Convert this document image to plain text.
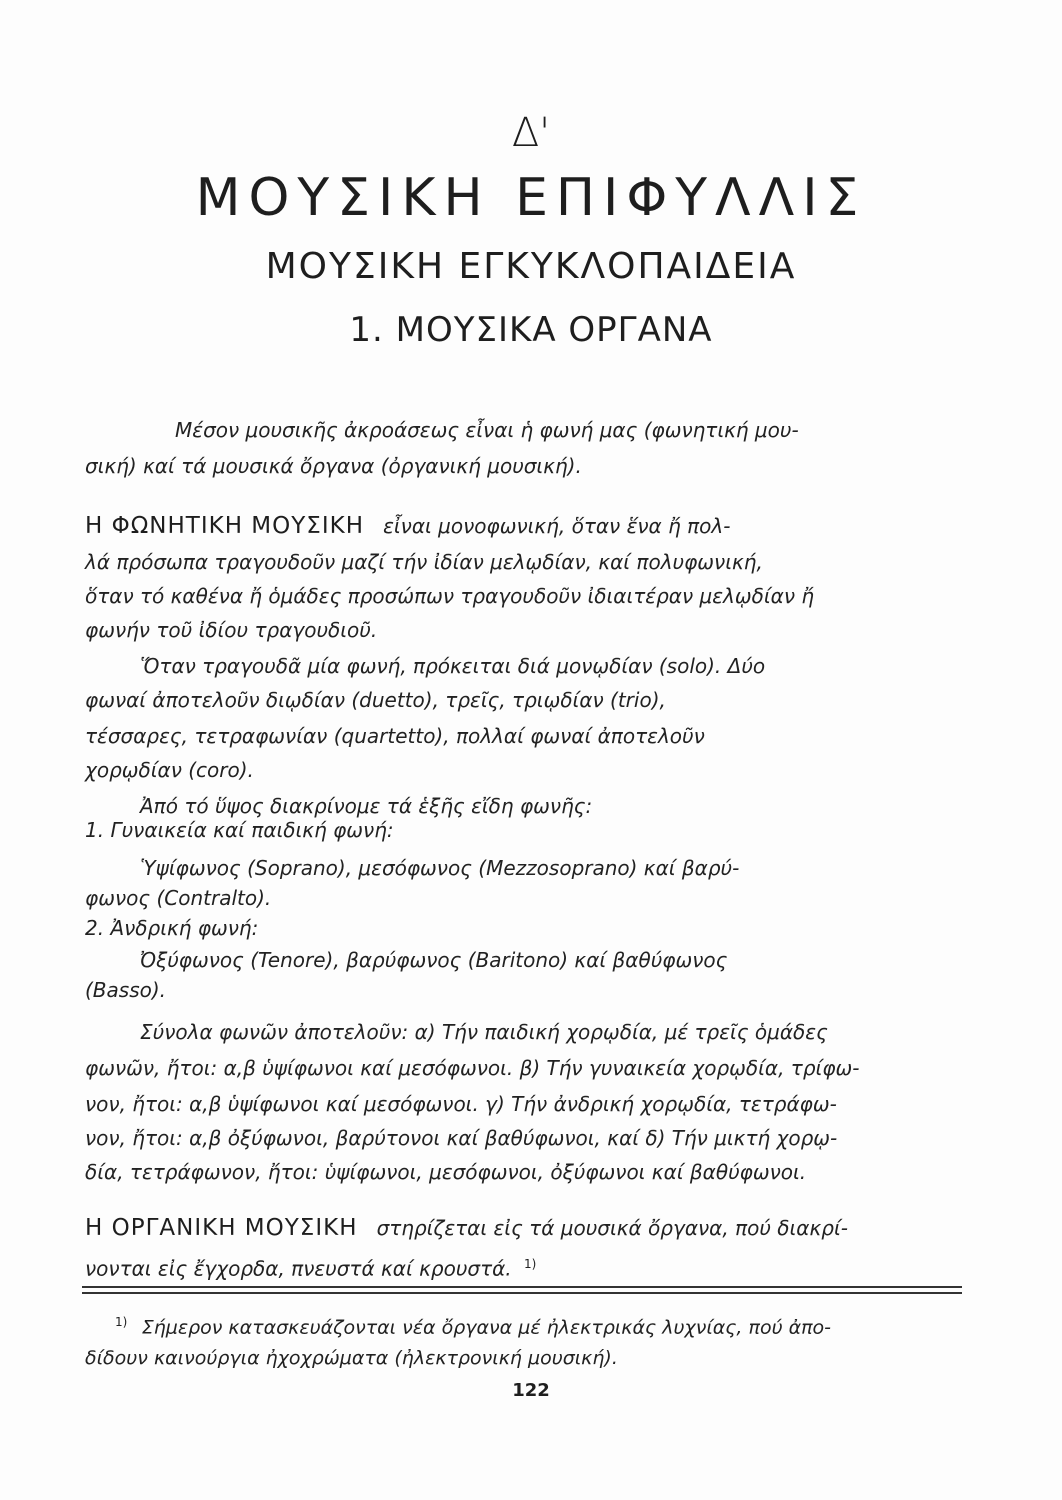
Δ'
ΜΟΥΣΙΚΗ ΕΠΙΦΥΛΛΙΣ
ΜΟΥΣΙΚΗ ΕΓΚΥΚΛΟΠΑΙΔΕΙΑ
1. ΜΟΥΣΙΚΑ ΟΡΓΑΝΑ
Μέσον μουσικῆς ἀκροάσεως εἶναι ἡ φωνή μας (φωνητική μου-
σική) καί τά μουσικά ὄργανα (ὀργανική μουσική).
Η ΦΩΝΗΤΙΚΗ ΜΟΥΣΙΚΗ εἶναι μονοφωνική, ὅταν ἕνα ἤ πολ-
λά πρόσωπα τραγουδοῦν μαζί τήν ἰδίαν μελῳδίαν, καί πολυφωνική,
ὅταν τό καθένα ἤ ὁμάδες προσώπων τραγουδοῦν ἰδιαιτέραν μελῳδίαν ἤ
φωνήν τοῦ ἰδίου τραγουδιοῦ.
Ὅταν τραγουδᾶ μία φωνή, πρόκειται διά μονῳδίαν (solo). Δύο
φωναί ἀποτελοῦν διῳδίαν (duetto), τρεῖς, τριῳδίαν (trio),
τέσσαρες, τετραφωνίαν (quartetto), πολλαί φωναί ἀποτελοῦν
χορῳδίαν (coro).
Ἀπό τό ὕψος διακρίνομε τά ἑξῆς εἴδη φωνῆς:
1. Γυναικεία καί παιδική φωνή:
Ὑψίφωνος (Soprano), μεσόφωνος (Mezzosoprano) καί βαρύ-
φωνος (Contralto).
2. Ἀνδρική φωνή:
Ὀξύφωνος (Tenore), βαρύφωνος (Baritono) καί βαθύφωνος
(Basso).
Σύνολα φωνῶν ἀποτελοῦν: α) Τήν παιδική χορῳδία, μέ τρεῖς ὁμάδες
φωνῶν, ἤτοι: α,β ὑψίφωνοι καί μεσόφωνοι. β) Τήν γυναικεία χορῳδία, τρίφω-
νον, ἤτοι: α,β ὑψίφωνοι καί μεσόφωνοι. γ) Τήν ἀνδρική χορῳδία, τετράφω-
νον, ἤτοι: α,β ὀξύφωνοι, βαρύτονοι καί βαθύφωνοι, καί δ) Τήν μικτή χορῳ-
δία, τετράφωνον, ἤτοι: ὑψίφωνοι, μεσόφωνοι, ὀξύφωνοι καί βαθύφωνοι.
Η ΟΡΓΑΝΙΚΗ ΜΟΥΣΙΚΗ στηρίζεται εἰς τά μουσικά ὄργανα, πού διακρί-
νονται εἰς ἔγχορδα, πνευστά καί κρουστά. $^{1)}$
$^{1)}$ Σήμερον κατασκευάζονται νέα ὄργανα μέ ἠλεκτρικάς λυχνίας, πού ἀπο-
δίδουν καινούργια ἠχοχρώματα (ἠλεκτρονική μουσική).
122
